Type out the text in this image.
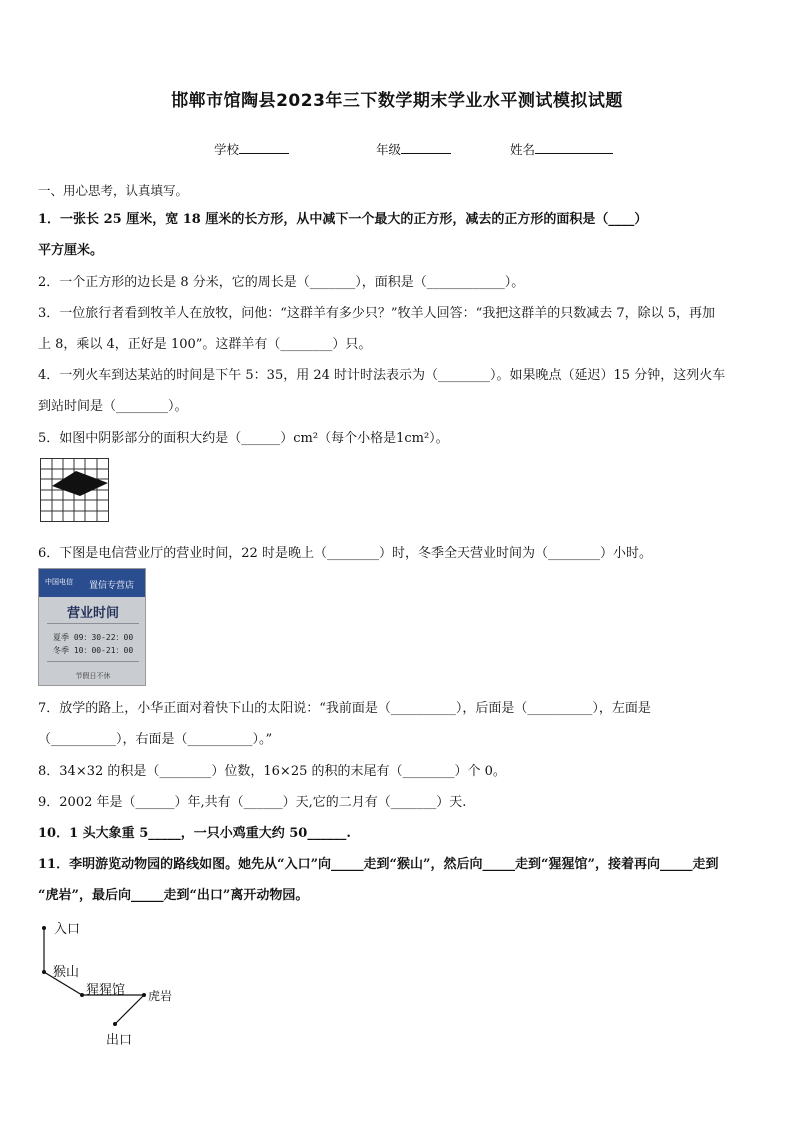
邯郸市馆陶县2023年三下数学期末学业水平测试模拟试题
学校	年级	姓名
一、用心思考，认真填写。
1．一张长 25 厘米，宽 18 厘米的长方形，从中减下一个最大的正方形，减去的正方形的面积是（____）
平方厘米。
2．一个正方形的边长是 8 分米，它的周长是（_______），面积是（____________）。
3．一位旅行者看到牧羊人在放牧，问他：“这群羊有多少只？”牧羊人回答：“我把这群羊的只数减去 7，除以 5，再加
上 8，乘以 4，正好是 100”。这群羊有（________）只。
4．一列火车到达某站的时间是下午 5：35，用 24 时计时法表示为（________）。如果晚点（延迟）15 分钟，这列火车
到站时间是（________）。
5．如图中阴影部分的面积大约是（______）cm²（每个小格是1cm²）。
6．下图是电信营业厅的营业时间，22 时是晚上（________）时，冬季全天营业时间为（________）小时。
中国电信 置信专营店
营业时间
夏季 09：30-22：00
冬季 10：00-21：00
节假日不休
7．放学的路上，小华正面对着快下山的太阳说：“我前面是（__________），后面是（__________），左面是
（__________），右面是（__________）。”
8．34×32 的积是（________）位数，16×25 的积的末尾有（________）个 0。
9．2002 年是（______）年,共有（______）天,它的二月有（_______）天.
10．1 头大象重 5_____，一只小鸡重大约 50______.
11．李明游览动物园的路线如图。她先从“入口”向_____走到“猴山”，然后向_____走到“猩猩馆”，接着再向_____走到
“虎岩”，最后向_____走到“出口”离开动物园。
入口
猴山
猩猩馆 虎岩
出口
